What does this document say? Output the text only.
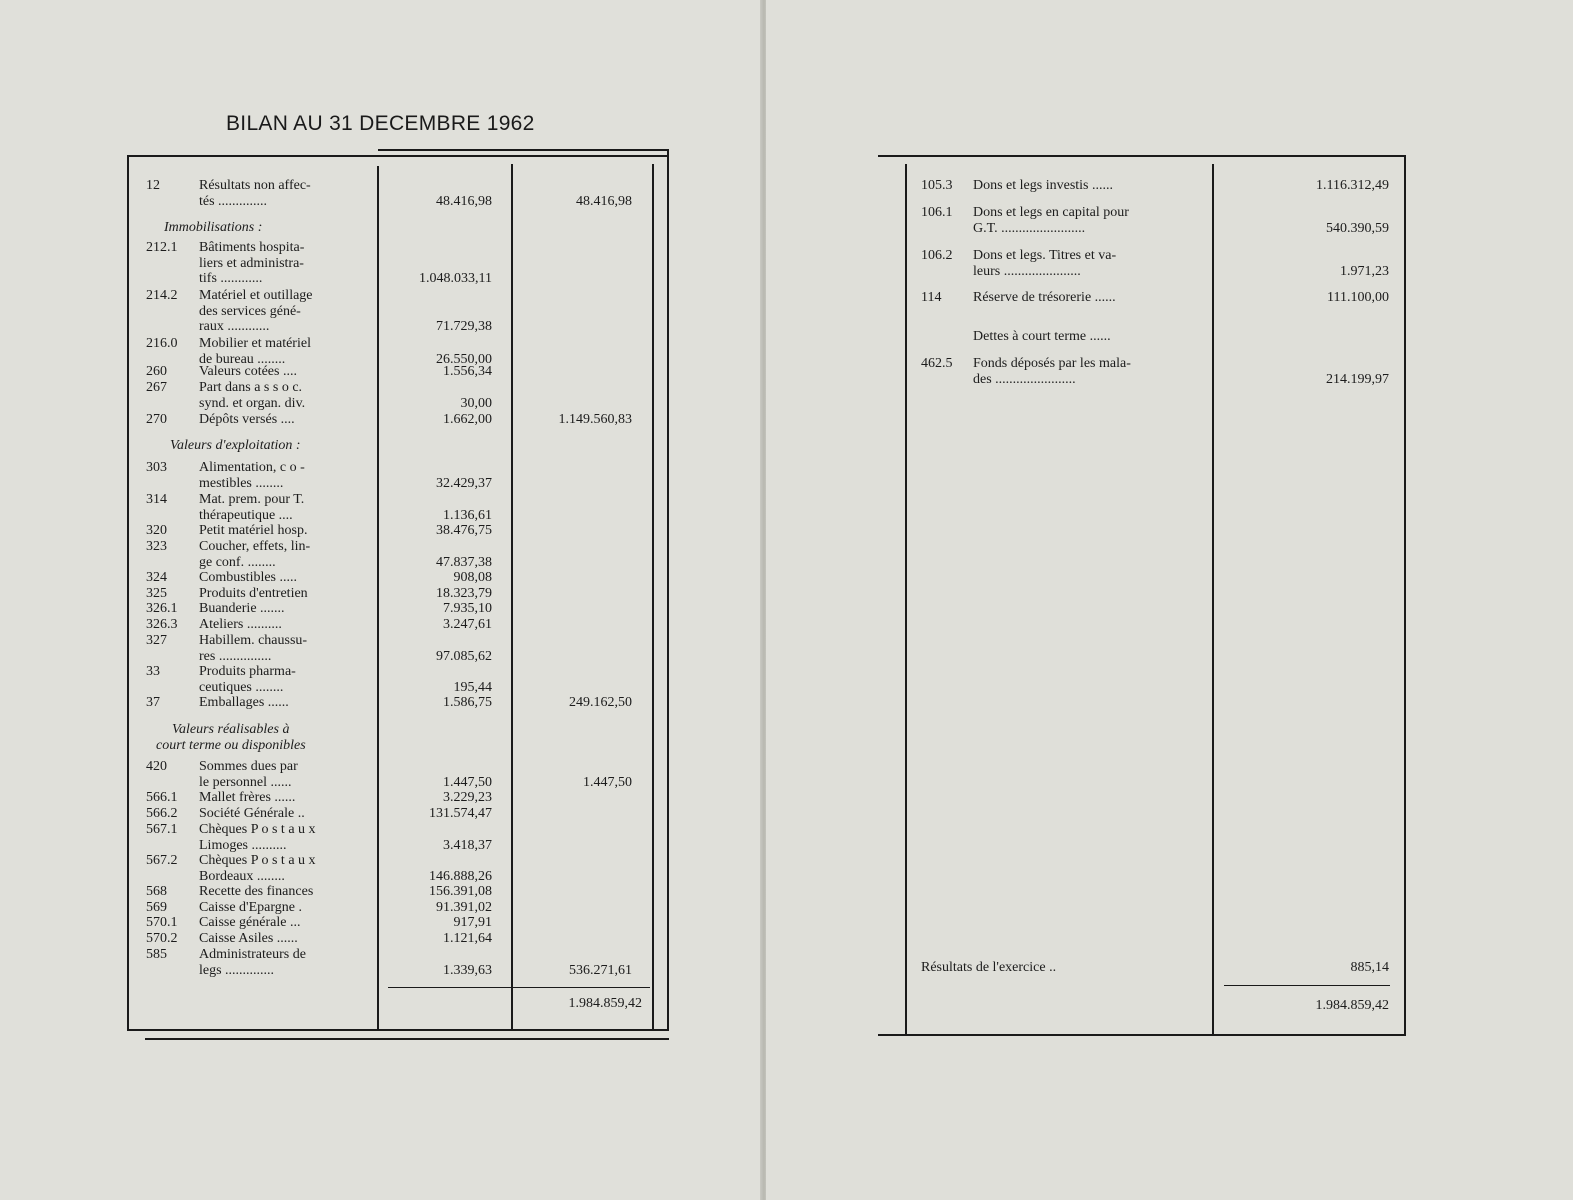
BILAN AU 31 DECEMBRE 1962
12	Résultats non affec-
tés ..............	48.416,98	48.416,98
212.1 Bâtiments hospita-
liers et administra-
tifs ............	1.048.033,11
214.2 Matériel et outillage
des services géné-
raux ............	71.729,38
216.0 Mobilier et matériel
de bureau ........	26.550,00
260 Valeurs cotées ....	1.556,34
267 Part dans a s s o c.
synd. et organ. div.	30,00
270 Dépôts versés ....	1.662,00	1.149.560,83
303 Alimentation, c o -
mestibles ........	32.429,37
314 Mat. prem. pour T.
thérapeutique ....	1.136,61
320 Petit matériel hosp.	38.476,75
323 Coucher, effets, lin-
ge conf. ........	47.837,38
324 Combustibles .....	908,08
325 Produits d'entretien	18.323,79
326.1 Buanderie .......	7.935,10
326.3 Ateliers ..........	3.247,61
327 Habillem. chaussu-
res ...............	97.085,62
33	Produits pharma-
ceutiques ........	195,44
37	Emballages ......	1.586,75	249.162,50
420 Sommes dues par
le personnel ......	1.447,50	1.447,50
566.1 Mallet frères ......	3.229,23
566.2 Société Générale ..	131.574,47
567.1 Chèques P o s t a u x
Limoges ..........	3.418,37
567.2 Chèques P o s t a u x
Bordeaux ........	146.888,26
568 Recette des finances	156.391,08
569 Caisse d'Epargne .	91.391,02
570.1 Caisse générale ...	917,91
570.2 Caisse Asiles ......	1.121,64
585 Administrateurs de
legs ..............	1.339,63	536.271,61
Immobilisations :
Valeurs d'exploitation :
Valeurs réalisables à
court terme ou disponibles
1.984.859,42
105.3 Dons et legs investis ......	1.116.312,49
106.1 Dons et legs en capital pour
G.T. ........................	540.390,59
106.2 Dons et legs. Titres et va-
leurs ......................	1.971,23
114 Réserve de trésorerie ......	111.100,00
Dettes à court terme ......
462.5 Fonds déposés par les mala-
des .......................	214.199,97
Résultats de l'exercice ..	885,14
1.984.859,42
